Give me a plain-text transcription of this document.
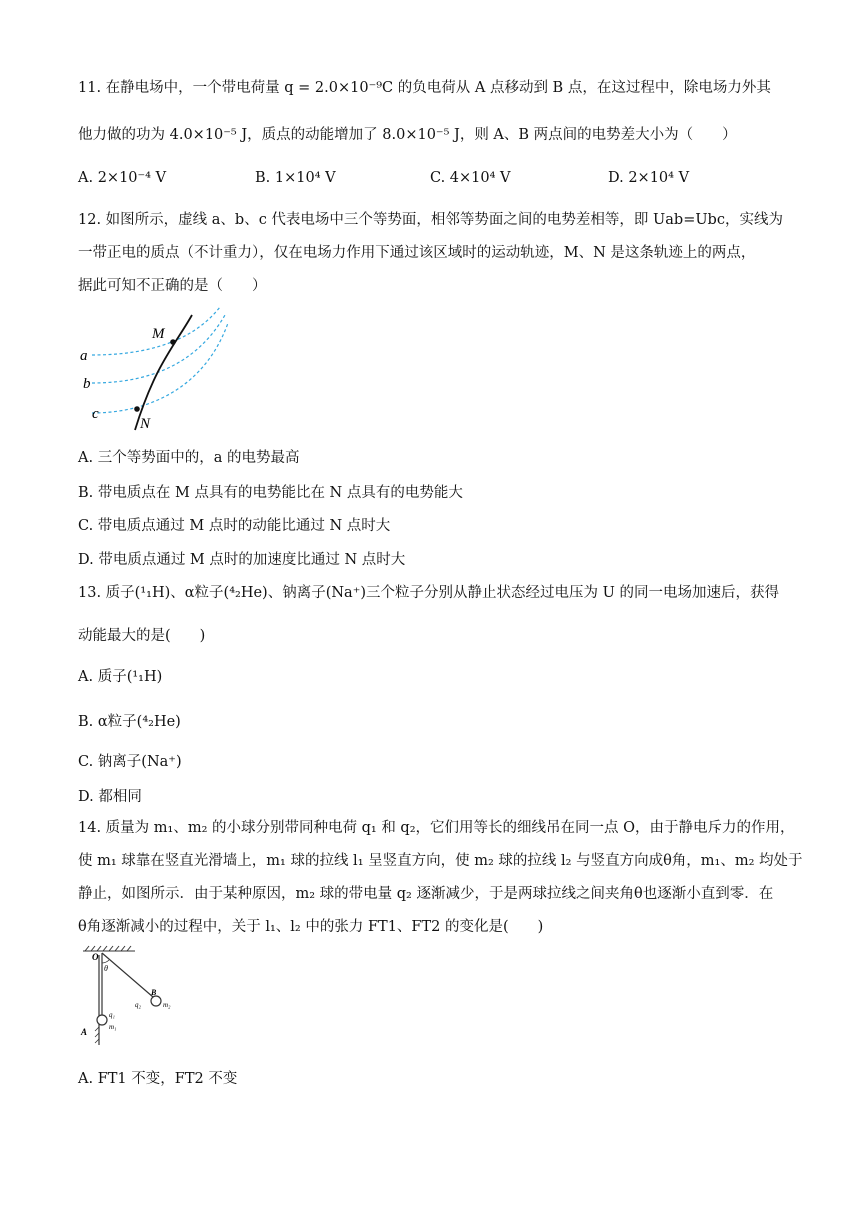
11. 在静电场中，一个带电荷量 q = 2.0×10⁻⁹C 的负电荷从 A 点移动到 B 点，在这过程中，除电场力外其
他力做的功为 4.0×10⁻⁵ J，质点的动能增加了 8.0×10⁻⁵ J，则 A、B 两点间的电势差大小为（　　）
A. 2×10⁻⁴ V	B. 1×10⁴ V	C. 4×10⁴ V	D. 2×10⁴ V
12. 如图所示，虚线 a、b、c 代表电场中三个等势面，相邻等势面之间的电势差相等，即 Uab=Ubc，实线为
一带正电的质点（不计重力），仅在电场力作用下通过该区域时的运动轨迹，M、N 是这条轨迹上的两点，
据此可知不正确的是（　　）
a
b
c
M
N
A. 三个等势面中的，a 的电势最高
B. 带电质点在 M 点具有的电势能比在 N 点具有的电势能大
C. 带电质点通过 M 点时的动能比通过 N 点时大
D. 带电质点通过 M 点时的加速度比通过 N 点时大
13. 质子(¹₁H)、α粒子(⁴₂He)、钠离子(Na⁺)三个粒子分别从静止状态经过电压为 U 的同一电场加速后，获得
动能最大的是(　　)
A. 质子(¹₁H)
B. α粒子(⁴₂He)
C. 钠离子(Na⁺)
D. 都相同
14. 质量为 m₁、m₂ 的小球分别带同种电荷 q₁ 和 q₂，它们用等长的细线吊在同一点 O，由于静电斥力的作用，
使 m₁ 球靠在竖直光滑墙上，m₁ 球的拉线 l₁ 呈竖直方向，使 m₂ 球的拉线 l₂ 与竖直方向成θ角，m₁、m₂ 均处于
静止，如图所示．由于某种原因，m₂ 球的带电量 q₂ 逐渐减少，于是两球拉线之间夹角θ也逐渐小直到零．在
θ角逐渐减小的过程中，关于 l₁、l₂ 中的张力 FT1、FT2 的变化是(　　)
O
θ
B
q₂	m₂
A
q₁
m₁
A. FT1 不变，FT2 不变
